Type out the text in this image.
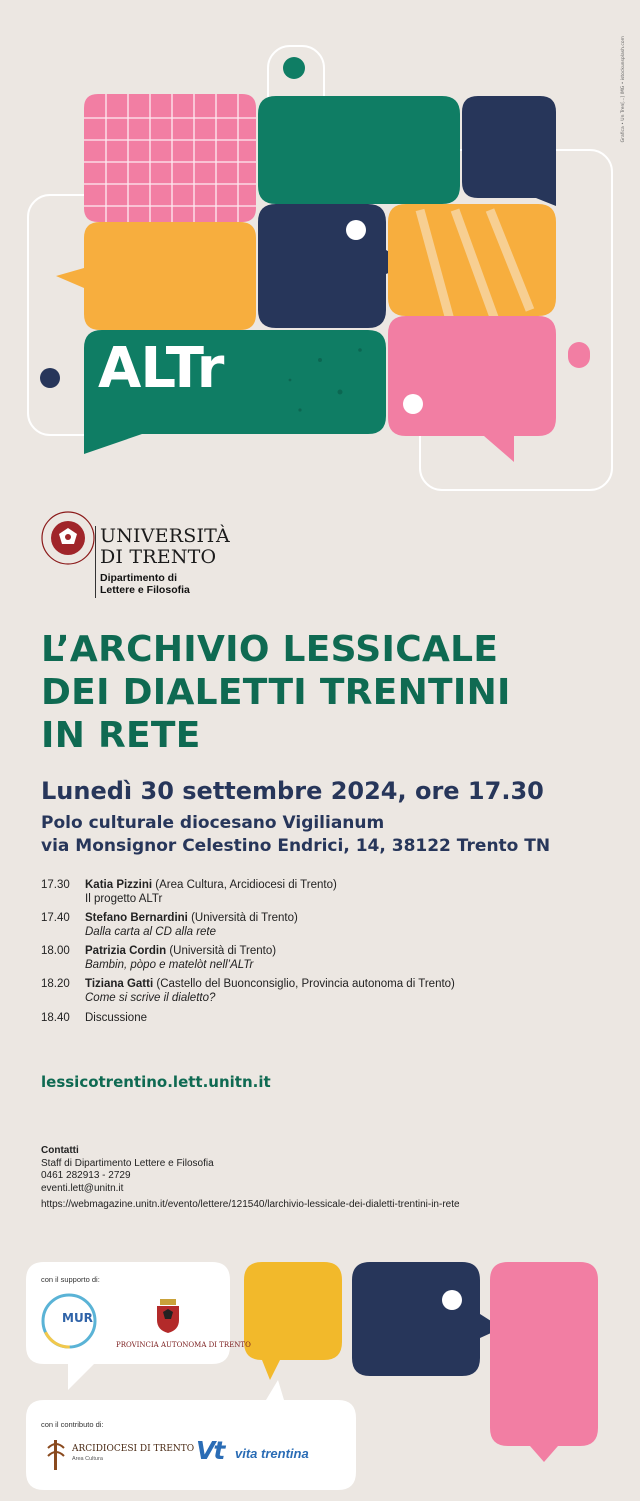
Grafica • Un Tren[...] IMG • istockunsplash.com
ALTr
UNIVERSITÀ
DI TRENTO
Dipartimento di
Lettere e Filosofia
L’ARCHIVIO LESSICALE
DEI DIALETTI TRENTINI
IN RETE
Lunedì 30 settembre 2024, ore 17.30
Polo culturale diocesano Vigilianum
via Monsignor Celestino Endrici, 14, 38122 Trento TN
17.30	Katia Pizzini (Area Cultura, Arcidiocesi di Trento)
Il progetto ALTr
17.40	Stefano Bernardini (Università di Trento)
Dalla carta al CD alla rete
18.00	Patrizia Cordin (Università di Trento)
Bambin, pòpo e matelòt nell’ALTr
18.20	Tiziana Gatti (Castello del Buonconsiglio, Provincia autonoma di Trento)
Come si scrive il dialetto?
18.40	Discussione
lessicotrentino.lett.unitn.it
Contatti
Staff di Dipartimento Lettere e Filosofia
0461 282913 - 2729
eventi.lett@unitn.it
https://webmagazine.unitn.it/evento/lettere/121540/larchivio-lessicale-dei-dialetti-trentini-in-rete
con il supporto di:
MUR
PROVINCIA AUTONOMA DI TRENTO
con il contributo di:
ARCIDIOCESI DI TRENTO
Area Cultura	Vt vita trentina
